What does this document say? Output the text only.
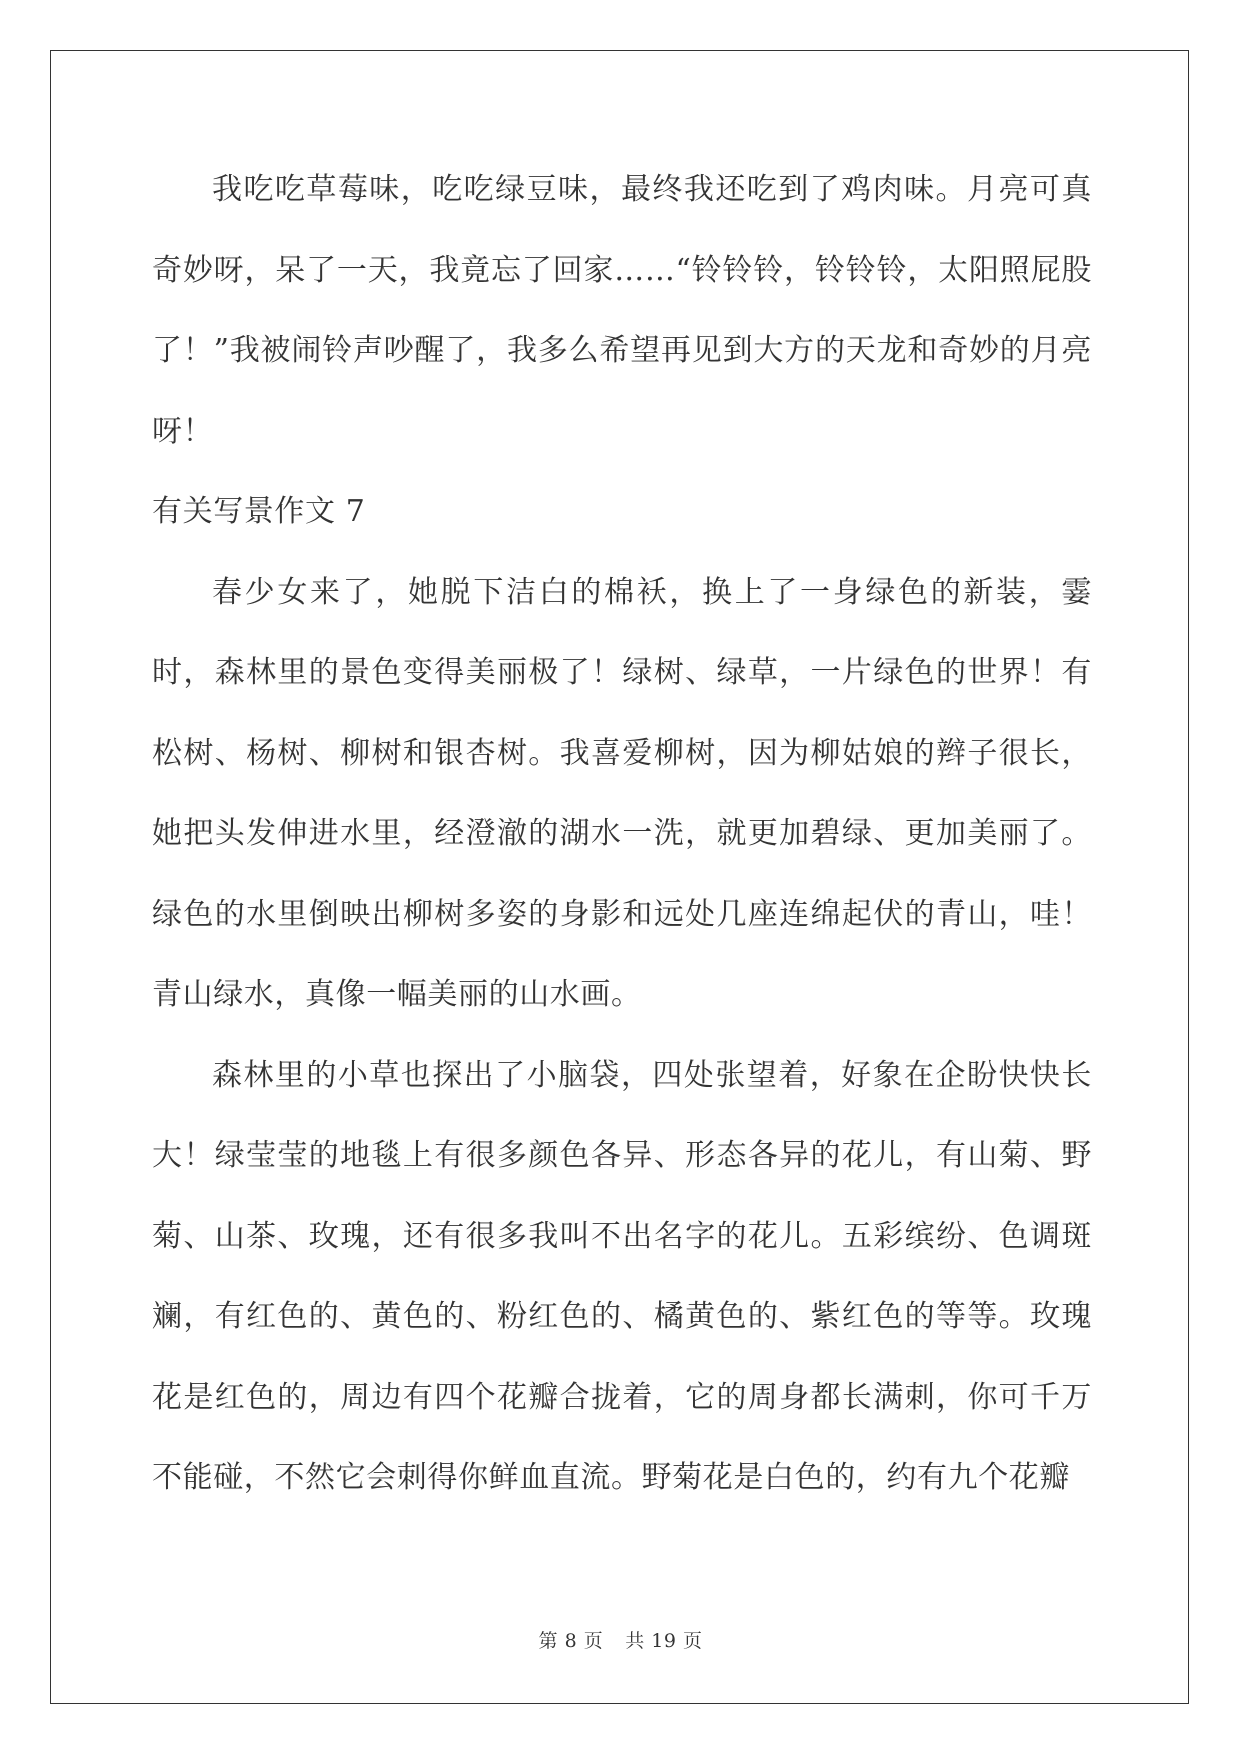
我吃吃草莓味，吃吃绿豆味，最终我还吃到了鸡肉味。月亮可真奇妙呀，呆了一天，我竟忘了回家……“铃铃铃，铃铃铃，太阳照屁股了！”我被闹铃声吵醒了，我多么希望再见到大方的天龙和奇妙的月亮呀！

有关写景作文 7

春少女来了，她脱下洁白的棉袄，换上了一身绿色的新装，霎时，森林里的景色变得美丽极了！绿树、绿草，一片绿色的世界！有松树、杨树、柳树和银杏树。我喜爱柳树，因为柳姑娘的辫子很长，她把头发伸进水里，经澄澈的湖水一洗，就更加碧绿、更加美丽了。绿色的水里倒映出柳树多姿的身影和远处几座连绵起伏的青山，哇！青山绿水，真像一幅美丽的山水画。

森林里的小草也探出了小脑袋，四处张望着，好象在企盼快快长大！绿莹莹的地毯上有很多颜色各异、形态各异的花儿，有山菊、野菊、山茶、玫瑰，还有很多我叫不出名字的花儿。五彩缤纷、色调斑斓，有红色的、黄色的、粉红色的、橘黄色的、紫红色的等等。玫瑰花是红色的，周边有四个花瓣合拢着，它的周身都长满刺，你可千万不能碰，不然它会刺得你鲜血直流。野菊花是白色的，约有九个花瓣

第 8 页 共 19 页
